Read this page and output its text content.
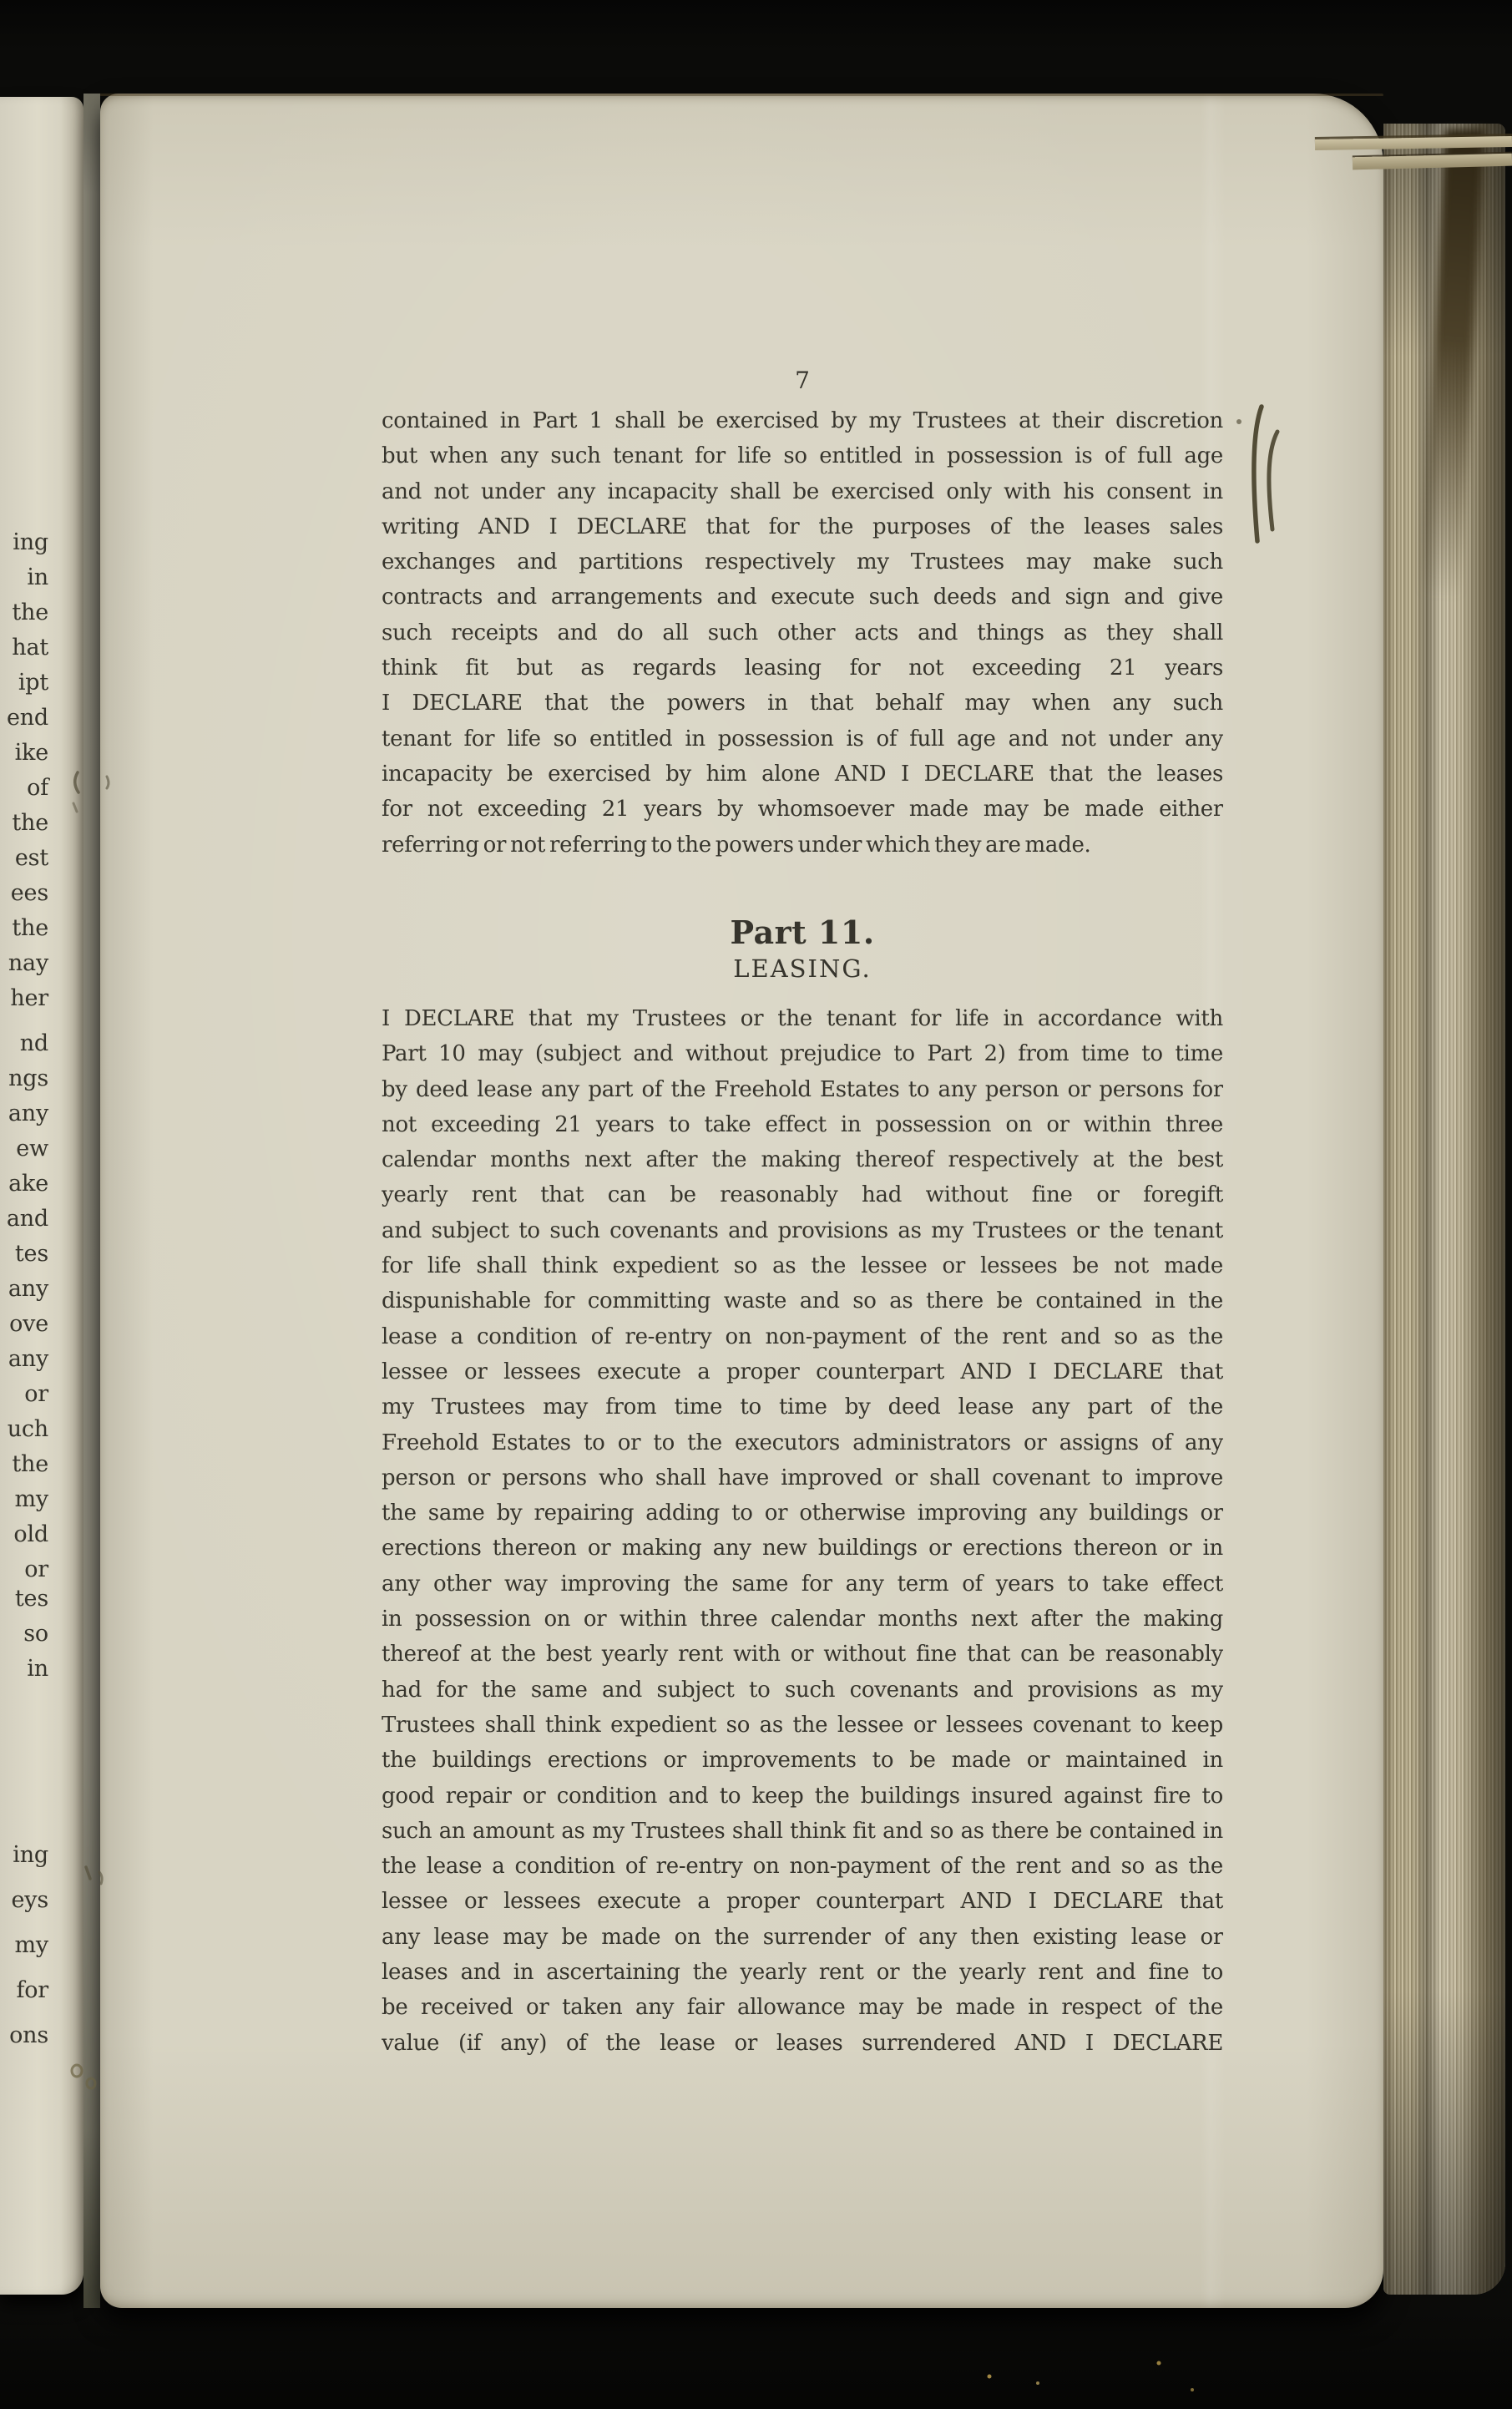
ing
in
the
hat
ipt
end
ike
of
the
est
ees
the
nay
her
nd
ngs
any
ew
ake
and
tes
any
ove
any
or
uch
the
my
old
or
tes
so
in
ing
eys
my
for
ons
7
contained in Part 1 shall be exercised by my Trustees at their discretion
but when any such tenant for life so entitled in possession is of full age
and not under any incapacity shall be exercised only with his consent in
writing AND I DECLARE that for the purposes of the leases sales
exchanges and partitions respectively my Trustees may make such
contracts and arrangements and execute such deeds and sign and give
such receipts and do all such other acts and things as they shall
think fit but as regards leasing for not exceeding 21 years
I DECLARE that the powers in that behalf may when any such
tenant for life so entitled in possession is of full age and not under any
incapacity be exercised by him alone AND I DECLARE that the leases
for not exceeding 21 years by whomsoever made may be made either
referring or not referring to the powers under which they are made.
Part 11.
LEASING.
I DECLARE that my Trustees or the tenant for life in accordance with
Part 10 may (subject and without prejudice to Part 2) from time to time
by deed lease any part of the Freehold Estates to any person or persons for
not exceeding 21 years to take effect in possession on or within three
calendar months next after the making thereof respectively at the best
yearly rent that can be reasonably had without fine or foregift
and subject to such covenants and provisions as my Trustees or the tenant
for life shall think expedient so as the lessee or lessees be not made
dispunishable for committing waste and so as there be contained in the
lease a condition of re-entry on non-payment of the rent and so as the
lessee or lessees execute a proper counterpart AND I DECLARE that
my Trustees may from time to time by deed lease any part of the
Freehold Estates to or to the executors administrators or assigns of any
person or persons who shall have improved or shall covenant to improve
the same by repairing adding to or otherwise improving any buildings or
erections thereon or making any new buildings or erections thereon or in
any other way improving the same for any term of years to take effect
in possession on or within three calendar months next after the making
thereof at the best yearly rent with or without fine that can be reasonably
had for the same and subject to such covenants and provisions as my
Trustees shall think expedient so as the lessee or lessees covenant to keep
the buildings erections or improvements to be made or maintained in
good repair or condition and to keep the buildings insured against fire to
such an amount as my Trustees shall think fit and so as there be contained in
the lease a condition of re-entry on non-payment of the rent and so as the
lessee or lessees execute a proper counterpart AND I DECLARE that
any lease may be made on the surrender of any then existing lease or
leases and in ascertaining the yearly rent or the yearly rent and fine to
be received or taken any fair allowance may be made in respect of the
value (if any) of the lease or leases surrendered AND I DECLARE
